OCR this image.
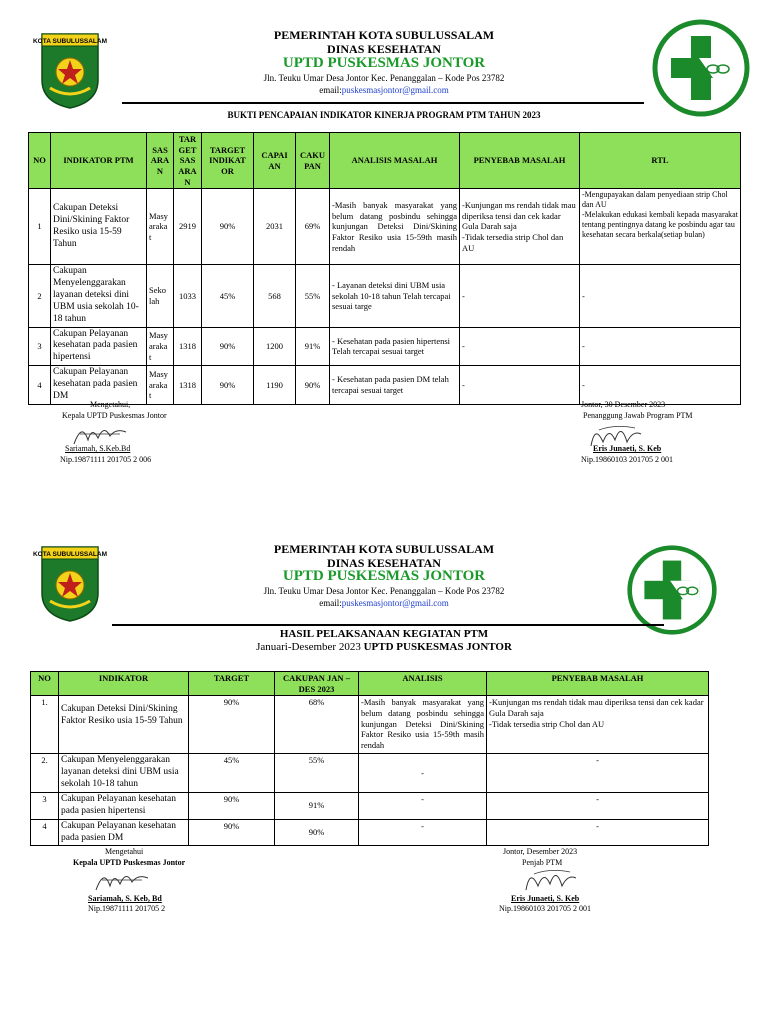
KOTA SUBULUSSALAM	PEMERINTAH KOTA SUBULUSSALAM
DINAS KESEHATAN
UPTD PUSKESMAS JONTOR
Jln. Teuku Umar Desa Jontor Kec. Penanggalan – Kode Pos 23782
email:puskesmasjontor@gmail.com
BUKTI PENCAPAIAN INDIKATOR KINERJA PROGRAM PTM TAHUN 2023
NO	INDIKATOR PTM	SAS
ARA
N	TAR
GET
SAS
ARA
N	TARGET
INDIKAT
OR	CAPAI
AN	CAKU
PAN	ANALISIS MASALAH	PENYEBAB MASALAH	RTL
1	Cakupan Deteksi Dini/Skining Faktor Resiko usia 15-59 Tahun	Masy
araka
t	2919	90%	2031	69%	-Masih banyak masyarakat yang belum datang posbindu sehingga kunjungan Deteksi Dini/Skining Faktor Resiko usia 15-59th masih rendah	-Kunjungan ms rendah tidak mau diperiksa tensi dan cek kadar Gula Darah saja
-Tidak tersedia strip Chol dan AU	-Mengupayakan dalam penyediaan strip Chol dan AU
-Melakukan edukasi kembali kepada masyarakat tentang pentingnya datang ke posbindu agar tau kesehatan secara berkala(setiap bulan)
2	Cakupan Menyelenggarakan layanan deteksi dini UBM usia sekolah 10-18 tahun	Seko
lah	1033	45%	568	55%	- Layanan deteksi dini UBM usia sekolah 10-18 tahun Telah tercapai sesuai targe	-	-
3	Cakupan Pelayanan kesehatan pada pasien hipertensi	Masy
araka
t	1318	90%	1200	91%	- Kesehatan pada pasien hipertensi Telah tercapai sesuai target	-	-
4	Cakupan Pelayanan kesehatan pada pasien DM	Masy
araka
t	1318	90%	1190	90%	- Kesehatan pada pasien DM telah tercapai sesuai target	-	-
Mengetahui,
Kepala UPTD Puskesmas Jontor
Sariamah, S.Keb.Bd
Nip.19871111 201705 2 006
Jontor, 30 Desember 2023
Penanggung Jawab Program PTM
Eris Junaeti, S. Keb
Nip.19860103 201705 2 001
KOTA SUBULUSSALAM	PEMERINTAH KOTA SUBULUSSALAM
DINAS KESEHATAN
UPTD PUSKESMAS JONTOR
Jln. Teuku Umar Desa Jontor Kec. Penanggalan – Kode Pos 23782
email:puskesmasjontor@gmail.com
HASIL PELAKSANAAN KEGIATAN PTM
Januari-Desember 2023 UPTD PUSKESMAS JONTOR
NO	INDIKATOR	TARGET	CAKUPAN JAN – DES 2023	ANALISIS	PENYEBAB MASALAH
1.	Cakupan Deteksi Dini/Skining Faktor Resiko usia 15-59 Tahun	90%	68%	-Masih banyak masyarakat yang belum datang posbindu sehingga kunjungan Deteksi Dini/Skining Faktor Resiko usia 15-59th masih rendah	-Kunjungan ms rendah tidak mau diperiksa tensi dan cek kadar Gula Darah saja
-Tidak tersedia strip Chol dan AU
2.	Cakupan Menyelenggarakan layanan deteksi dini UBM usia sekolah 10-18 tahun	45%	55%	-	-
3	Cakupan Pelayanan kesehatan pada pasien hipertensi	90%	91%	-	-
4	Cakupan Pelayanan kesehatan pada pasien DM	90%	90%	-	-
Mengetahui
Kepala UPTD Puskesmas Jontor
Sariamah, S. Keb, Bd
Nip.19871111 201705 2
Jontor, Desember 2023
Penjab PTM
Eris Junaeti, S. Keb
Nip.19860103 201705 2 001
